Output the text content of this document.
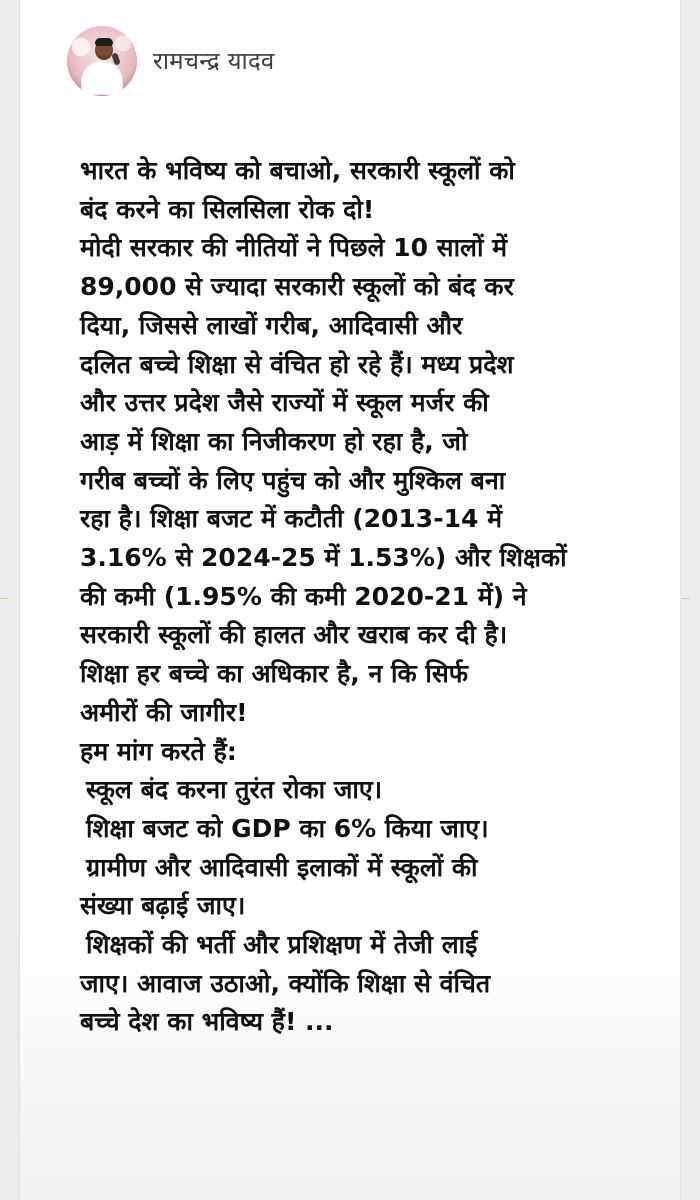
रामचन्द्र यादव
भारत के भविष्य को बचाओ, सरकारी स्कूलों को
बंद करने का सिलसिला रोक दो!
मोदी सरकार की नीतियों ने पिछले 10 सालों में
89,000 से ज्यादा सरकारी स्कूलों को बंद कर
दिया, जिससे लाखों गरीब, आदिवासी और
दलित बच्चे शिक्षा से वंचित हो रहे हैं। मध्य प्रदेश
और उत्तर प्रदेश जैसे राज्यों में स्कूल मर्जर की
आड़ में शिक्षा का निजीकरण हो रहा है, जो
गरीब बच्चों के लिए पहुंच को और मुश्किल बना
रहा है। शिक्षा बजट में कटौती (2013-14 में
3.16% से 2024-25 में 1.53%) और शिक्षकों
की कमी (1.95% की कमी 2020-21 में) ने
सरकारी स्कूलों की हालत और खराब कर दी है।
शिक्षा हर बच्चे का अधिकार है, न कि सिर्फ
अमीरों की जागीर!
हम मांग करते हैं:
स्कूल बंद करना तुरंत रोका जाए।
शिक्षा बजट को GDP का 6% किया जाए।
ग्रामीण और आदिवासी इलाकों में स्कूलों की
संख्या बढ़ाई जाए।
शिक्षकों की भर्ती और प्रशिक्षण में तेजी लाई
जाए। आवाज उठाओ, क्योंकि शिक्षा से वंचित
बच्चे देश का भविष्य हैं! ...
